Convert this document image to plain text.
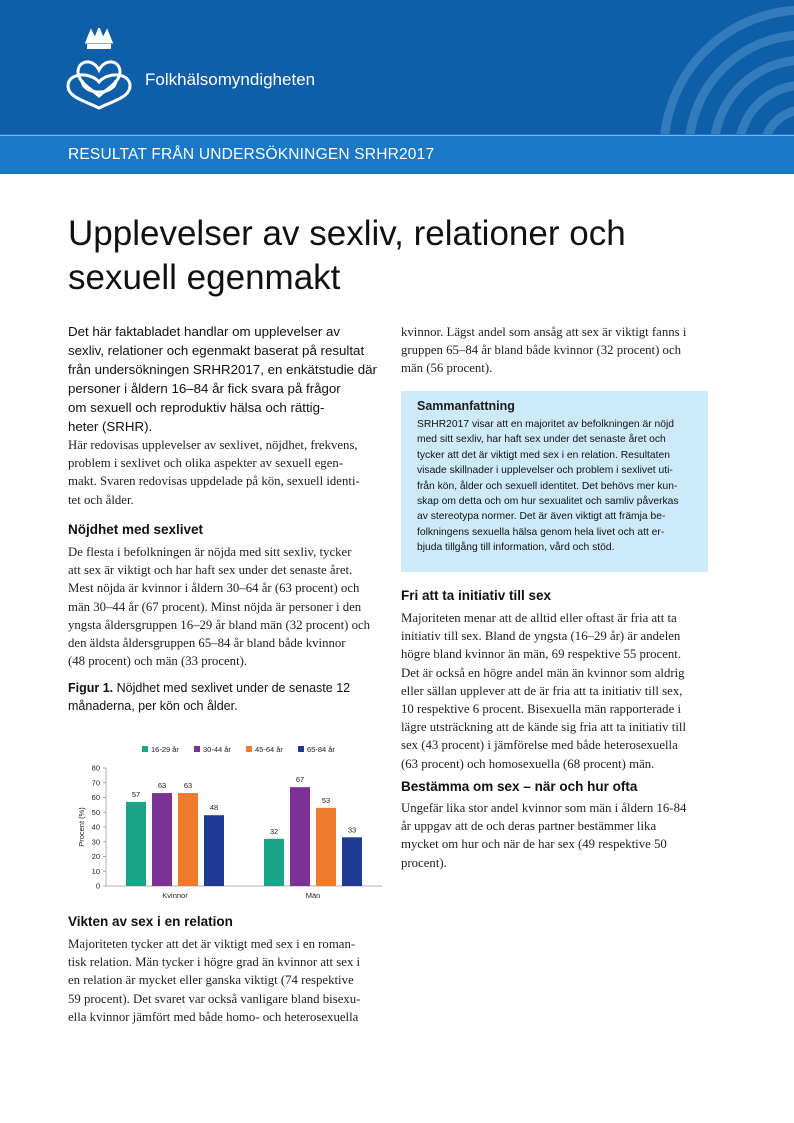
Folkhälsomyndigheten
RESULTAT FRÅN UNDERSÖKNINGEN SRHR2017
Upplevelser av sexliv, relationer och sexuell egenmakt
Det här faktabladet handlar om upplevelser av
sexliv, relationer och egenmakt baserat på resultat
från undersökningen SRHR2017, en enkätstudie där
personer i åldern 16–84 år fick svara på frågor
om sexuell och reproduktiv hälsa och rättig-
heter (SRHR).
Här redovisas upplevelser av sexlivet, nöjdhet, frekvens,
problem i sexlivet och olika aspekter av sexuell egen-
makt. Svaren redovisas uppdelade på kön, sexuell identi-
tet och ålder.
Nöjdhet med sexlivet
De flesta i befolkningen är nöjda med sitt sexliv, tycker
att sex är viktigt och har haft sex under det senaste året.
Mest nöjda är kvinnor i åldern 30–64 år (63 procent) och
män 30–44 år (67 procent). Minst nöjda är personer i den
yngsta åldersgruppen 16–29 år bland män (32 procent) och
den äldsta åldersgruppen 65–84 år bland både kvinnor
(48 procent) och män (33 procent).
Figur 1. Nöjdhet med sexlivet under de senaste 12
månaderna, per kön och ålder.
16-29 år	30-44 år	45-64 år	65-84 år
0
10
20
30
40
50
60
70
80
Procent (%)
57
63 63
48
Kvinnor
32
67
53
33
Män
Vikten av sex i en relation
Majoriteten tycker att det är viktigt med sex i en roman-
tisk relation. Män tycker i högre grad än kvinnor att sex i
en relation är mycket eller ganska viktigt (74 respektive
59 procent). Det svaret var också vanligare bland bisexu-
ella kvinnor jämfört med både homo- och heterosexuella
kvinnor. Lägst andel som ansåg att sex är viktigt fanns i
gruppen 65–84 år bland både kvinnor (32 procent) och
män (56 procent).
Sammanfattning
SRHR2017 visar att en majoritet av befolkningen är nöjd
med sitt sexliv, har haft sex under det senaste året och
tycker att det är viktigt med sex i en relation. Resultaten
visade skillnader i upplevelser och problem i sexlivet uti-
från kön, ålder och sexuell identitet. Det behövs mer kun-
skap om detta och om hur sexualitet och samliv påverkas
av stereotypa normer. Det är även viktigt att främja be-
folkningens sexuella hälsa genom hela livet och att er-
bjuda tillgång till information, vård och stöd.
Fri att ta initiativ till sex
Majoriteten menar att de alltid eller oftast är fria att ta
initiativ till sex. Bland de yngsta (16–29 år) är andelen
högre bland kvinnor än män, 69 respektive 55 procent.
Det är också en högre andel män än kvinnor som aldrig
eller sällan upplever att de är fria att ta initiativ till sex,
10 respektive 6 procent. Bisexuella män rapporterade i
lägre utsträckning att de kände sig fria att ta initiativ till
sex (43 procent) i jämförelse med både heterosexuella
(63 procent) och homosexuella (68 procent) män.
Bestämma om sex – när och hur ofta
Ungefär lika stor andel kvinnor som män i åldern 16-84
år uppgav att de och deras partner bestämmer lika
mycket om hur och när de har sex (49 respektive 50
procent).
